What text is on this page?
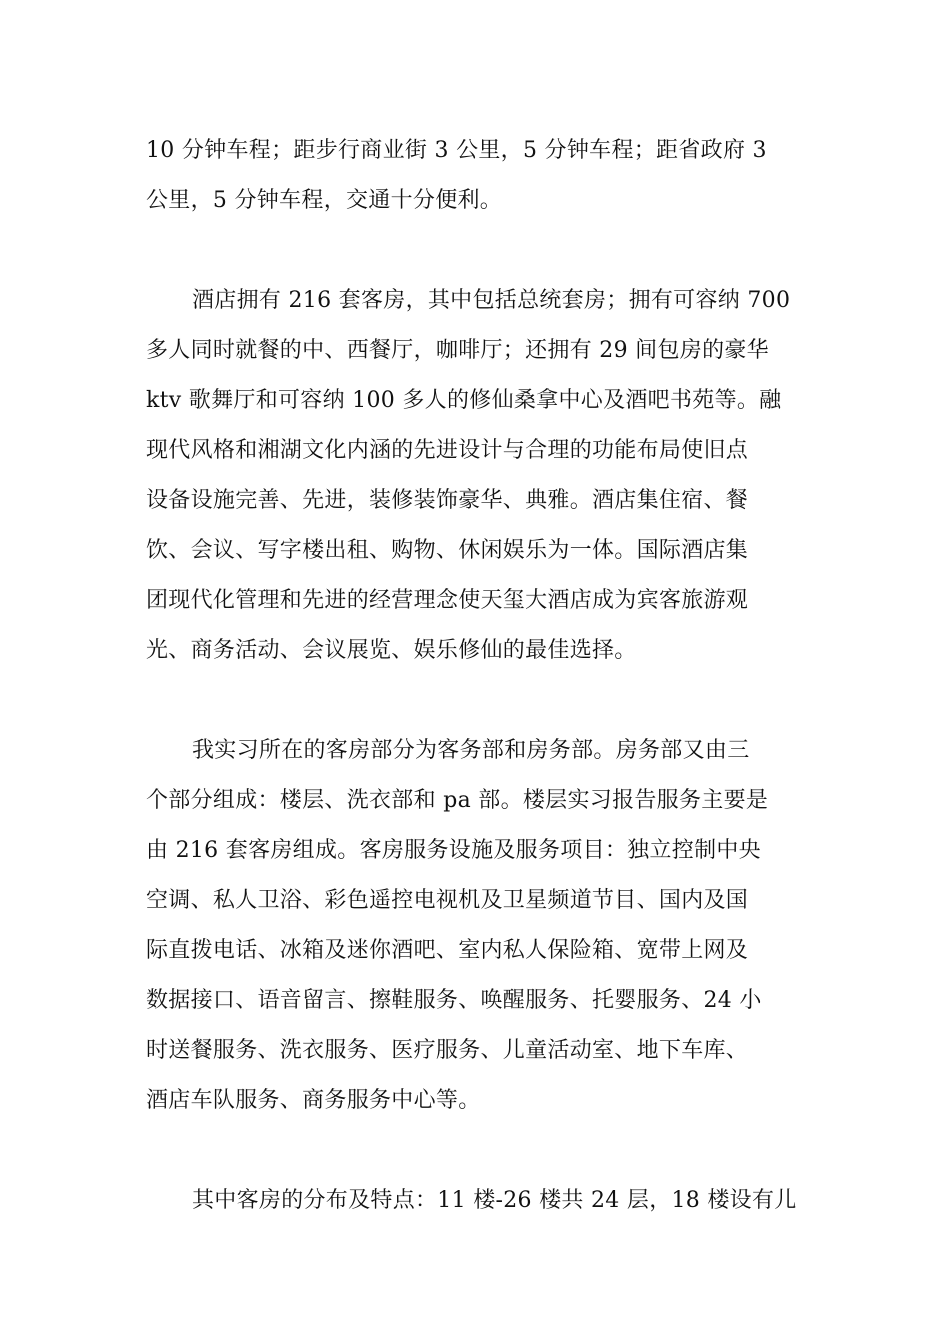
10 分钟车程；距步行商业街 3 公里，5 分钟车程；距省政府 3
公里，5 分钟车程，交通十分便利。
酒店拥有 216 套客房，其中包括总统套房；拥有可容纳 700
多人同时就餐的中、西餐厅，咖啡厅；还拥有 29 间包房的豪华
ktv 歌舞厅和可容纳 100 多人的修仙桑拿中心及酒吧书苑等。融
现代风格和湘湖文化内涵的先进设计与合理的功能布局使旧点
设备设施完善、先进，装修装饰豪华、典雅。酒店集住宿、餐
饮、会议、写字楼出租、购物、休闲娱乐为一体。国际酒店集
团现代化管理和先进的经营理念使天玺大酒店成为宾客旅游观
光、商务活动、会议展览、娱乐修仙的最佳选择。
我实习所在的客房部分为客务部和房务部。房务部又由三
个部分组成：楼层、洗衣部和 pa 部。楼层实习报告服务主要是
由 216 套客房组成。客房服务设施及服务项目：独立控制中央
空调、私人卫浴、彩色遥控电视机及卫星频道节目、国内及国
际直拨电话、冰箱及迷你酒吧、室内私人保险箱、宽带上网及
数据接口、语音留言、擦鞋服务、唤醒服务、托婴服务、24 小
时送餐服务、洗衣服务、医疗服务、儿童活动室、地下车库、
酒店车队服务、商务服务中心等。
其中客房的分布及特点：11 楼-26 楼共 24 层，18 楼设有儿
